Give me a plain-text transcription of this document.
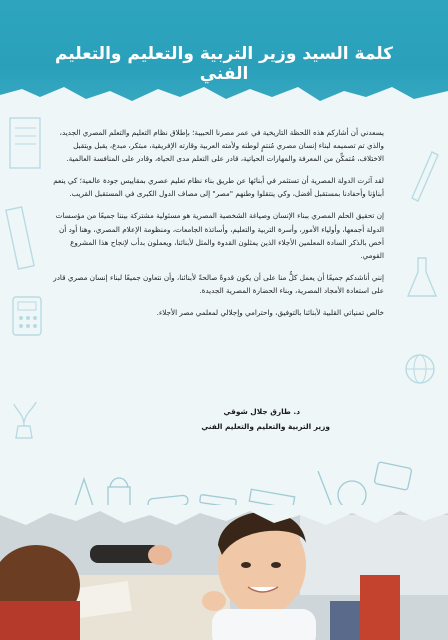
كلمة السيد وزير التربية والتعليم والتعليم الفني

يسعدني أن أشاركم هذه اللحظة التاريخية في عمر مصرنا الحبيبة؛ بإطلاق نظام التعليم والتعلم المصري الجديد، والذي تم تصميمه لبناء إنسان مصري مُنتمٍ لوطنه ولأمته العربية وقارته الإفريقية، مبتكر، مبدع، يقبل ويتقبل الاختلاف، مُتمكِّن من المعرفة والمهارات الحياتية، قادر على التعلم مدى الحياة، وقادر على المنافسة العالمية.

لقد آثرت الدولة المصرية أن تستثمر في أبنائها عن طريق بناء نظام تعليم عصري بمقاييس جودة عالمية؛ كي ينعم أبناؤنا وأحفادنا بمستقبل أفضل، وكي ينتقلوا وطنهم "مصر" إلى مصاف الدول الكبرى في المستقبل القريب.

إن تحقيق الحلم المصري ببناء الإنسان وصياغة الشخصية المصرية هو مسئولية مشتركة بيننا جميعًا من مؤسسات الدولة أجمعها، وأولياء الأمور، وأسرة التربية والتعليم، وأساتذة الجامعات، ومنظومة الإعلام المصري، وهنا أود أن أخص بالذكر السادة المعلمين الأجلاء الذين يمثلون القدوة والمثل لأبنائنا، ويعملون بدأب لإنجاح هذا المشروع القومي.

إنني أناشدكم جميعًا أن يعمل كلٌّ منا على أن يكون قدوةً صالحةً لأبنائنا، وأن نتعاون جميعًا لبناء إنسان مصري قادر على استعادة الأمجاد المصرية، وبناء الحضارة المصرية الجديدة.

خالص تمنياتي القلبية لأبنائنا بالتوفيق، واحترامي وإجلالي لمعلمي مصر الأجلاء.

د. طارق جلال شوقي
وزير التربية والتعليم والتعليم الفني
